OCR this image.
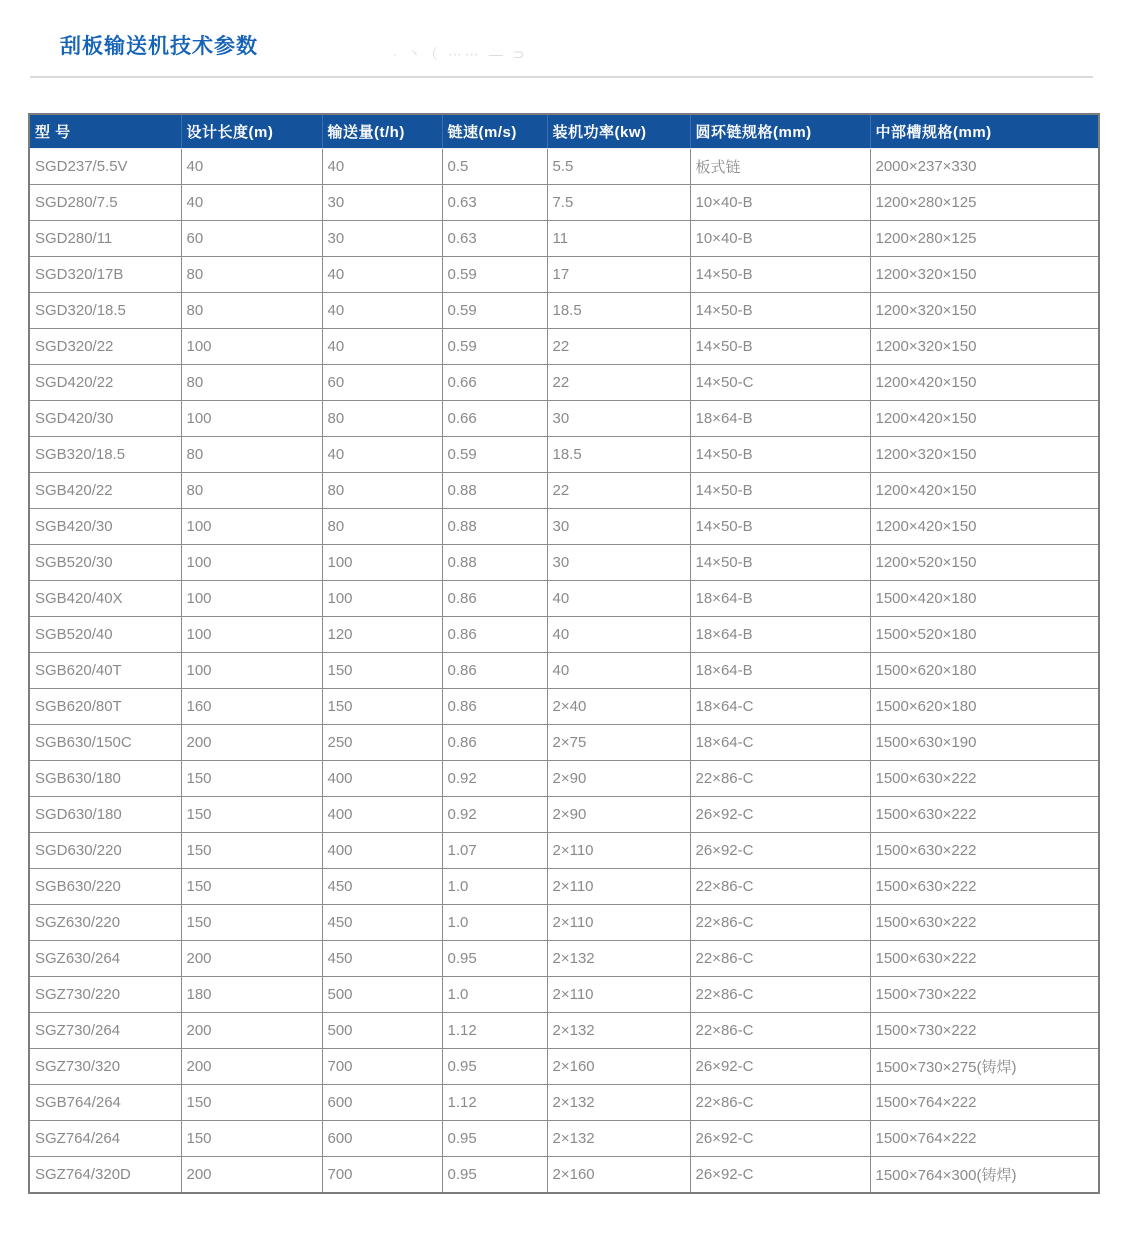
刮板输送机技术参数	· 丶（ ⋯⋯ — ⊃
型 号	设计长度(m)	输送量(t/h)	链速(m/s)	装机功率(kw)	圆环链规格(mm)	中部槽规格(mm)
SGD237/5.5V	40	40	0.5	5.5	板式链	2000×237×330
SGD280/7.5	40	30	0.63	7.5	10×40-B	1200×280×125
SGD280/11	60	30	0.63	11	10×40-B	1200×280×125
SGD320/17B	80	40	0.59	17	14×50-B	1200×320×150
SGD320/18.5	80	40	0.59	18.5	14×50-B	1200×320×150
SGD320/22	100	40	0.59	22	14×50-B	1200×320×150
SGD420/22	80	60	0.66	22	14×50-C	1200×420×150
SGD420/30	100	80	0.66	30	18×64-B	1200×420×150
SGB320/18.5	80	40	0.59	18.5	14×50-B	1200×320×150
SGB420/22	80	80	0.88	22	14×50-B	1200×420×150
SGB420/30	100	80	0.88	30	14×50-B	1200×420×150
SGB520/30	100	100	0.88	30	14×50-B	1200×520×150
SGB420/40X	100	100	0.86	40	18×64-B	1500×420×180
SGB520/40	100	120	0.86	40	18×64-B	1500×520×180
SGB620/40T	100	150	0.86	40	18×64-B	1500×620×180
SGB620/80T	160	150	0.86	2×40	18×64-C	1500×620×180
SGB630/150C	200	250	0.86	2×75	18×64-C	1500×630×190
SGB630/180	150	400	0.92	2×90	22×86-C	1500×630×222
SGD630/180	150	400	0.92	2×90	26×92-C	1500×630×222
SGD630/220	150	400	1.07	2×110	26×92-C	1500×630×222
SGB630/220	150	450	1.0	2×110	22×86-C	1500×630×222
SGZ630/220	150	450	1.0	2×110	22×86-C	1500×630×222
SGZ630/264	200	450	0.95	2×132	22×86-C	1500×630×222
SGZ730/220	180	500	1.0	2×110	22×86-C	1500×730×222
SGZ730/264	200	500	1.12	2×132	22×86-C	1500×730×222
SGZ730/320	200	700	0.95	2×160	26×92-C	1500×730×275(铸焊)
SGB764/264	150	600	1.12	2×132	22×86-C	1500×764×222
SGZ764/264	150	600	0.95	2×132	26×92-C	1500×764×222
SGZ764/320D	200	700	0.95	2×160	26×92-C	1500×764×300(铸焊)
